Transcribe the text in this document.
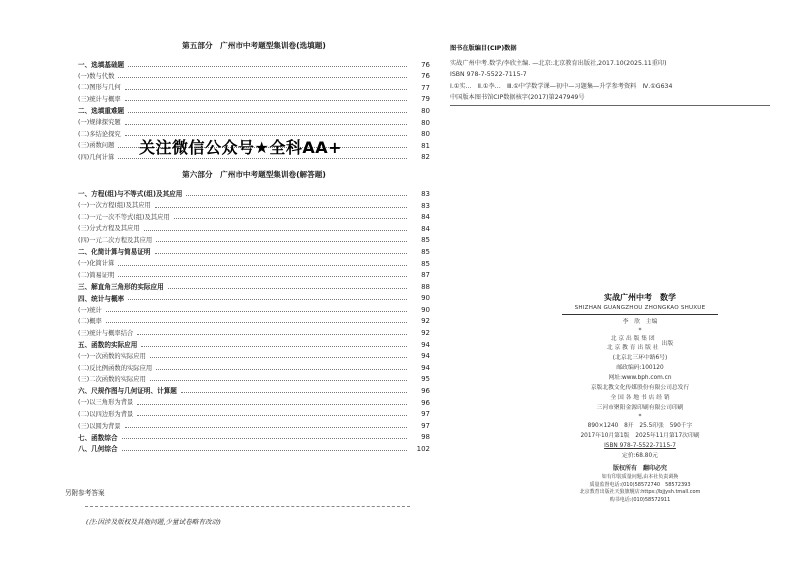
第五部分　广州市中考题型集训卷(选填题)
一、选填基础题	76
(一)数与代数	76
(二)图形与几何	77
(三)统计与概率	79
二、选填重难题	80
(一)规律探究题	80
(二)多结论探究	80
(三)函数问题	81
(四)几何计算	82
第六部分　广州市中考题型集训卷(解答题)
一、方程(组)与不等式(组)及其应用	83
(一)一次方程(组)及其应用	83
(二)一元一次不等式(组)及其应用	84
(三)分式方程及其应用	84
(四)一元二次方程及其应用	85
二、化简计算与简易证明	85
(一)化简计算	85
(二)简易证明	87
三、解直角三角形的实际应用	88
四、统计与概率	90
(一)统计	90
(二)概率	92
(三)统计与概率结合	92
五、函数的实际应用	94
(一)一次函数的实际应用	94
(二)反比例函数的实际应用	94
(三)二次函数的实际应用	95
六、尺规作图与几何证明、计算题	96
(一)以三角形为背景	96
(二)以四边形为背景	97
(三)以圆为背景	97
七、函数综合	98
八、几何综合	102
关注微信公众号★全科AA+
另附参考答案
(注:因涉及版权及其他问题,少量试卷略有改动)
图书在版编目(CIP)数据
实战广州中考.数学/李欣主编. —北京:北京教育出版社,2017.10(2025.11重印)
ISBN 978-7-5522-7115-7
Ⅰ.①实…　Ⅱ.①李…　Ⅲ.①中学数学课—初中—习题集—升学参考资料　Ⅳ.①G634
中国版本图书馆CIP数据核字(2017)第247949号
实战广州中考　数学
SHIZHAN GUANGZHOU ZHONGKAO SHUXUE
李　欣　主编
*
北 京 出 版 集 团
北 京 教 育 出 版 社
出版
(北京北三环中路6号)
邮政编码:100120
网址:www.bph.com.cn
京版北教文化传媒股份有限公司总发行
全 国 各 地 书 店 经 销
三河市聚阳金源印刷有限公司印刷
*
890×1240　8开　25.5印张　590千字
2017年10月第1版　2025年11月第17次印刷
ISBN 978-7-5522-7115-7
定价:68.80元
版权所有　翻印必究
如有印装质量问题,由本社负责调换
质量监督电话:(010)58572740　58572393
北京教育出版社天狼旗舰店:https://bjjysh.tmall.com
购书电话:(010)58572911
